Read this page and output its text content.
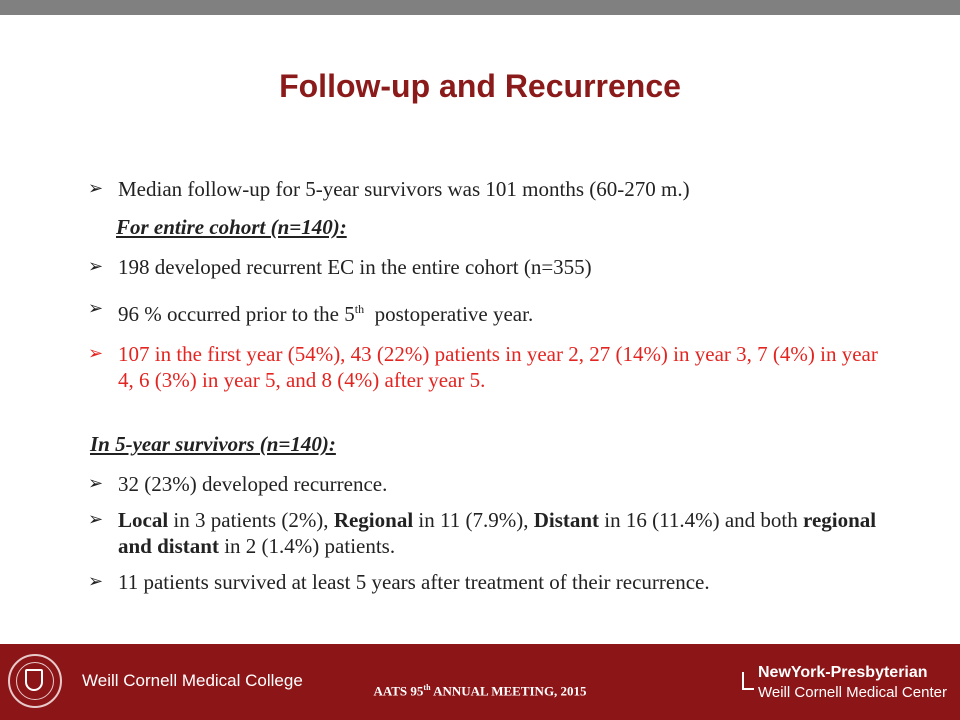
Follow-up and Recurrence

➢ Median follow-up for 5-year survivors was 101 months (60-270 m.)

For entire cohort (n=140):

➢ 198 developed recurrent EC in the entire cohort (n=355)

➢ 96 % occurred prior to the 5th  postoperative year.

➢ 107 in the first year (54%), 43 (22%) patients in year 2, 27 (14%) in year 3, 7 (4%) in year 4, 6 (3%) in year 5, and 8 (4%) after year 5.

In 5-year survivors (n=140):

➢ 32 (23%) developed recurrence.

➢ Local in 3 patients (2%), Regional in 11 (7.9%), Distant in 16 (11.4%) and both regional and distant in 2 (1.4%) patients.

➢ 11 patients survived at least 5 years after treatment of their recurrence.

Weill Cornell Medical College
AATS 95th ANNUAL MEETING, 2015
NewYork-Presbyterian
Weill Cornell Medical Center
